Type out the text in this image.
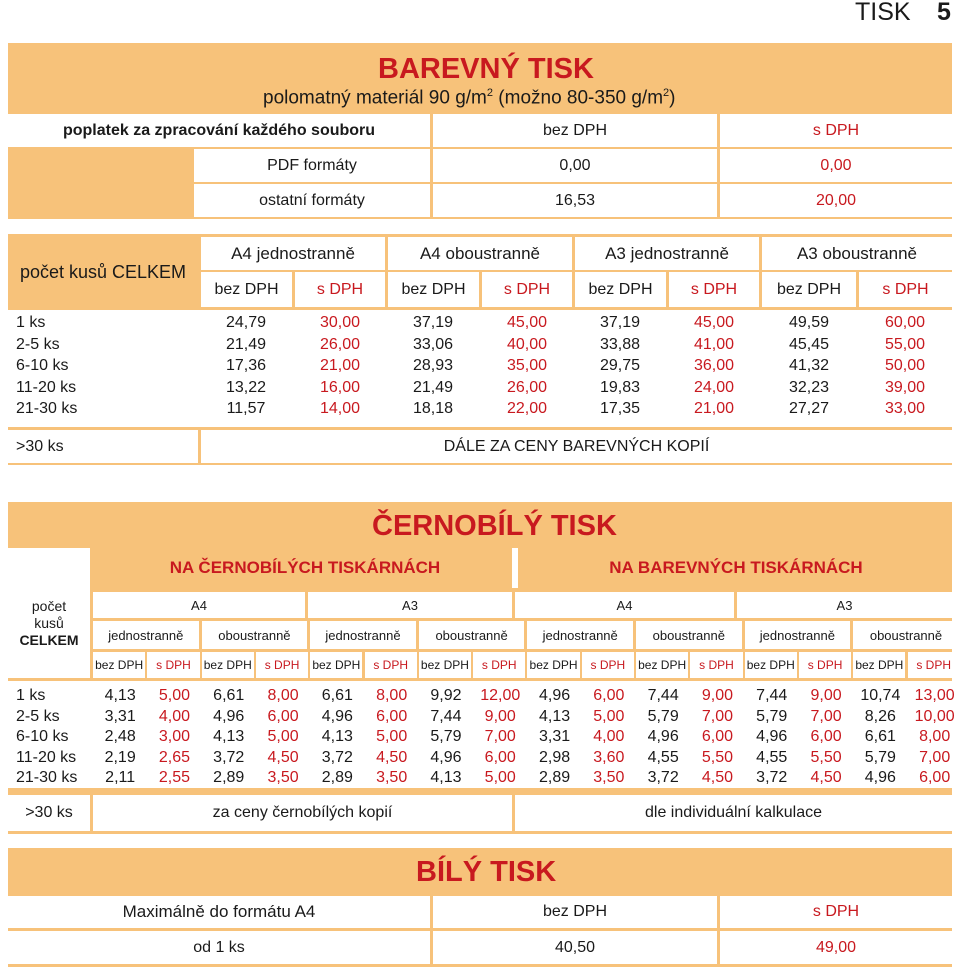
TISK 5
BAREVNÝ TISK
polomatný materiál 90 $g/m^2$ (možno 80-350 $g/m^2$)
poplatek za zpracování každého souboru	bez DPH	s DPH
PDF formáty	0,00	0,00
ostatní formáty	16,53	20,00
počet kusů CELKEM
A4 jednostranně	A4 oboustranně	A3 jednostranně	A3 oboustranně
bez DPH	s DPH	bez DPH	s DPH	bez DPH	s DPH	bez DPH	s DPH
1 ks	24,79	30,00	37,19	45,00	37,19	45,00	49,59	60,00
2-5 ks	21,49	26,00	33,06	40,00	33,88	41,00	45,45	55,00
6-10 ks	17,36	21,00	28,93	35,00	29,75	36,00	41,32	50,00
11-20 ks	13,22	16,00	21,49	26,00	19,83	24,00	32,23	39,00
21-30 ks	11,57	14,00	18,18	22,00	17,35	21,00	27,27	33,00
>30 ks	DÁLE ZA CENY BAREVNÝCH KOPIÍ
ČERNOBÍLÝ TISK
NA ČERNOBÍLÝCH TISKÁRNÁCH	NA BAREVNÝCH TISKÁRNÁCH
počet
kusů
CELKEM
A4	A3	A4	A3
jednostranně	oboustranně	jednostranně	oboustranně	jednostranně	oboustranně	jednostranně	oboustranně
bez DPH	s DPH	bez DPH	s DPH	bez DPH	s DPH	bez DPH	s DPH	bez DPH	s DPH	bez DPH	s DPH	bez DPH	s DPH	bez DPH	s DPH
1 ks	4,13	5,00	6,61	8,00	6,61	8,00	9,92	12,00	4,96	6,00	7,44	9,00	7,44	9,00	10,74 13,00
2-5 ks	3,31	4,00	4,96	6,00	4,96	6,00	7,44	9,00	4,13	5,00	5,79	7,00	5,79	7,00	8,26	10,00
6-10 ks	2,48	3,00	4,13	5,00	4,13	5,00	5,79	7,00	3,31	4,00	4,96	6,00	4,96	6,00	6,61	8,00
11-20 ks	2,19	2,65	3,72	4,50	3,72	4,50	4,96	6,00	2,98	3,60	4,55	5,50	4,55	5,50	5,79	7,00
21-30 ks	2,11	2,55	2,89	3,50	2,89	3,50	4,13	5,00	2,89	3,50	3,72	4,50	3,72	4,50	4,96	6,00
>30 ks	za ceny černobílých kopií	dle individuální kalkulace
BÍLÝ TISK
Maximálně do formátu A4	bez DPH	s DPH
od 1 ks	40,50	49,00
